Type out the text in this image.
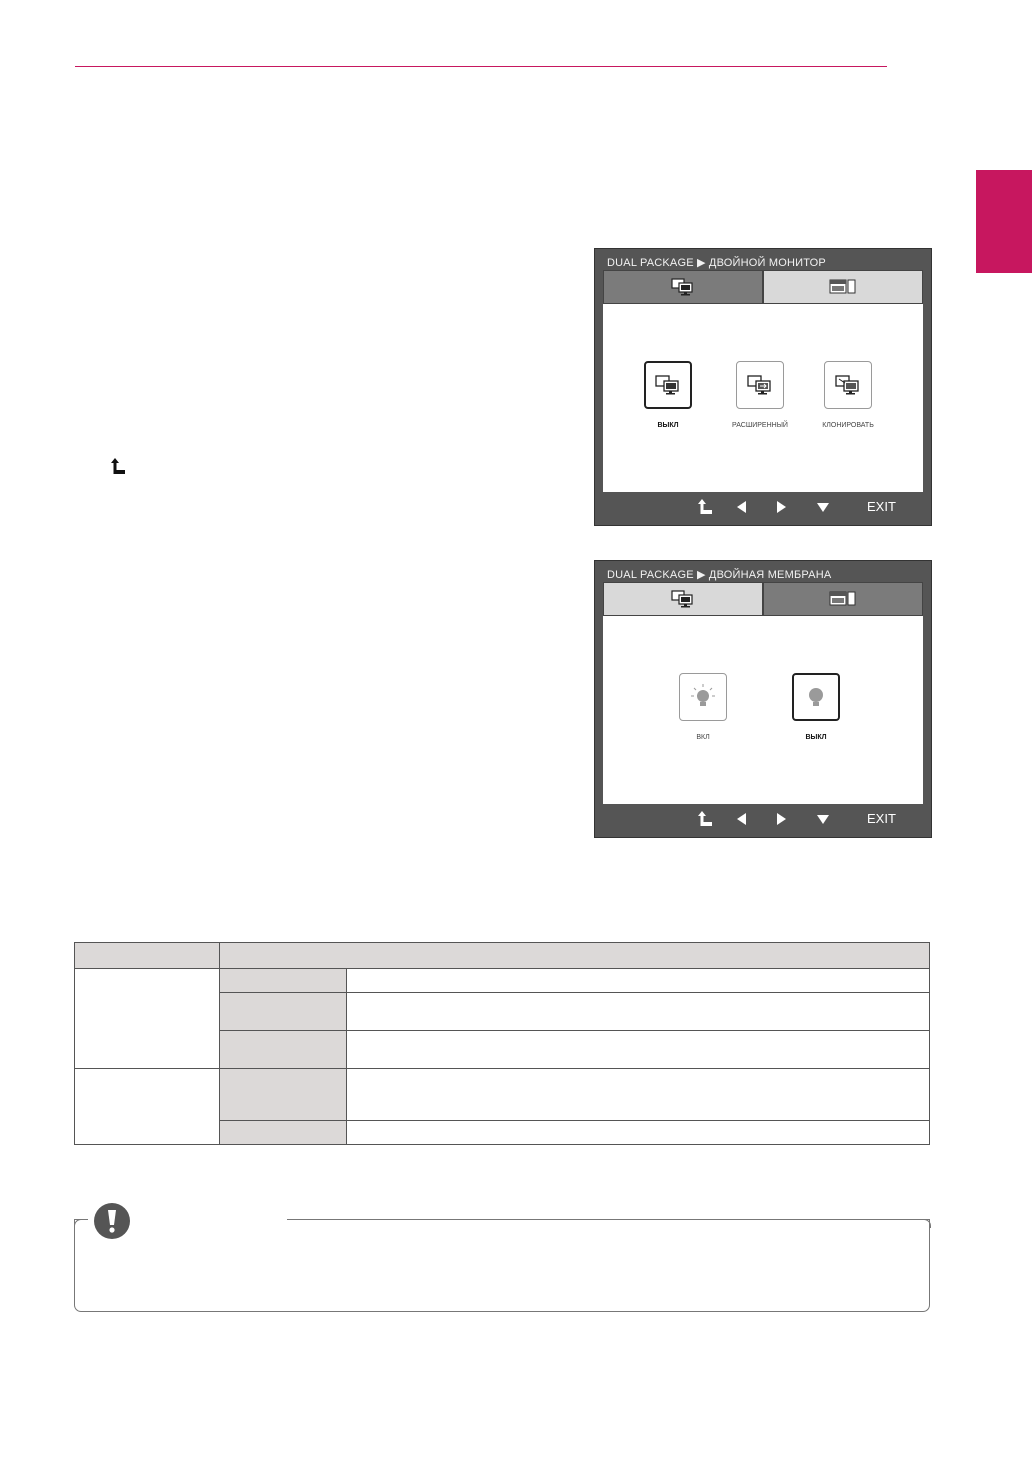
DUAL PACKAGE ▶ ДВОЙНОЙ МОНИТОР
ВЫКЛ	РАСШИРЕННЫЙ	КЛОНИРОВАТЬ
EXIT
DUAL PACKAGE ▶ ДВОЙНАЯ МЕМБРАНА
ВКЛ	ВЫКЛ
EXIT
